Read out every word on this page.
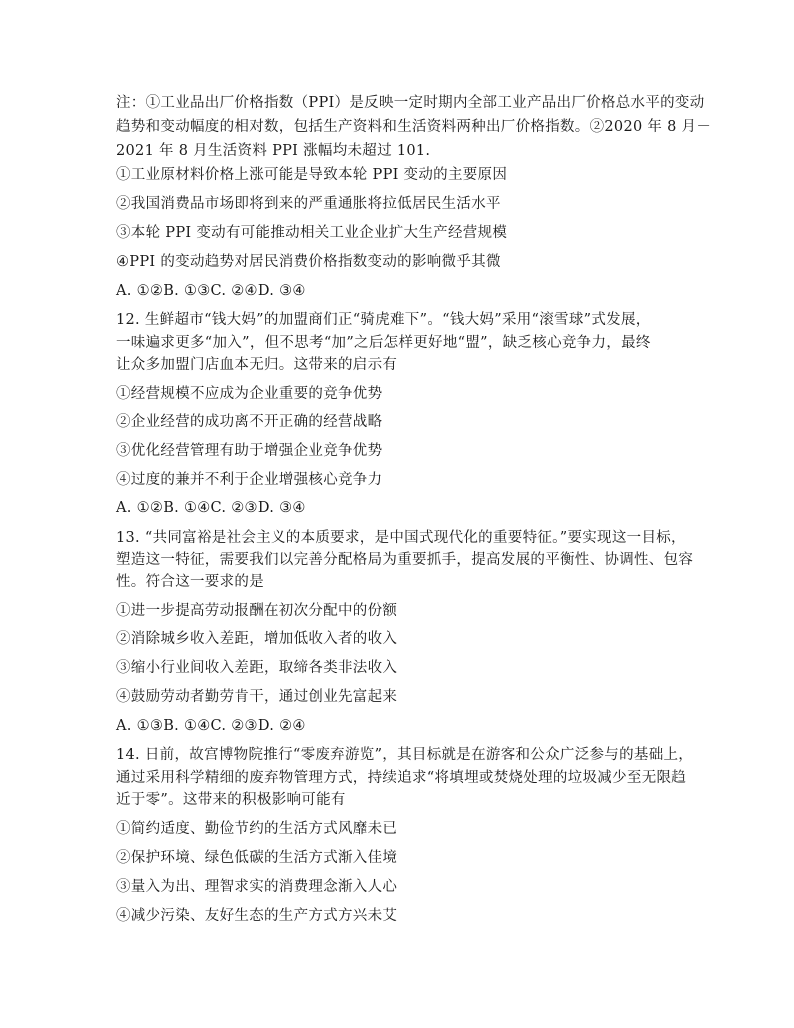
注：①工业品出厂价格指数（PPI）是反映一定时期内全部工业产品出厂价格总水平的变动
趋势和变动幅度的相对数，包括生产资料和生活资料两种出厂价格指数。②2020 年 8 月－
2021 年 8 月生活资料 PPI 涨幅均未超过 101.
①工业原材料价格上涨可能是导致本轮 PPI 变动的主要原因
②我国消费品市场即将到来的严重通胀将拉低居民生活水平
③本轮 PPI 变动有可能推动相关工业企业扩大生产经营规模
④PPI 的变动趋势对居民消费价格指数变动的影响微乎其微
A. ①②B. ①③C. ②④D. ③④
12. 生鲜超市“钱大妈”的加盟商们正“骑虎难下”。“钱大妈”采用“滚雪球”式发展，
一味遍求更多“加入”，但不思考“加”之后怎样更好地“盟”，缺乏核心竞争力，最终
让众多加盟门店血本无归。这带来的启示有
①经营规模不应成为企业重要的竞争优势
②企业经营的成功离不开正确的经营战略
③优化经营管理有助于增强企业竞争优势
④过度的兼并不利于企业增强核心竞争力
A. ①②B. ①④C. ②③D. ③④
13. “共同富裕是社会主义的本质要求，是中国式现代化的重要特征。”要实现这一目标，
塑造这一特征，需要我们以完善分配格局为重要抓手，提高发展的平衡性、协调性、包容
性。符合这一要求的是
①进一步提高劳动报酬在初次分配中的份额
②消除城乡收入差距，增加低收入者的收入
③缩小行业间收入差距，取缔各类非法收入
④鼓励劳动者勤劳肯干，通过创业先富起来
A. ①③B. ①④C. ②③D. ②④
14. 日前，故宫博物院推行“零废弃游览”，其目标就是在游客和公众广泛参与的基础上，
通过采用科学精细的废弃物管理方式，持续追求“将填埋或焚烧处理的垃圾减少至无限趋
近于零”。这带来的积极影响可能有
①简约适度、勤俭节约的生活方式风靡未已
②保护环境、绿色低碳的生活方式渐入佳境
③量入为出、理智求实的消费理念渐入人心
④减少污染、友好生态的生产方式方兴未艾
